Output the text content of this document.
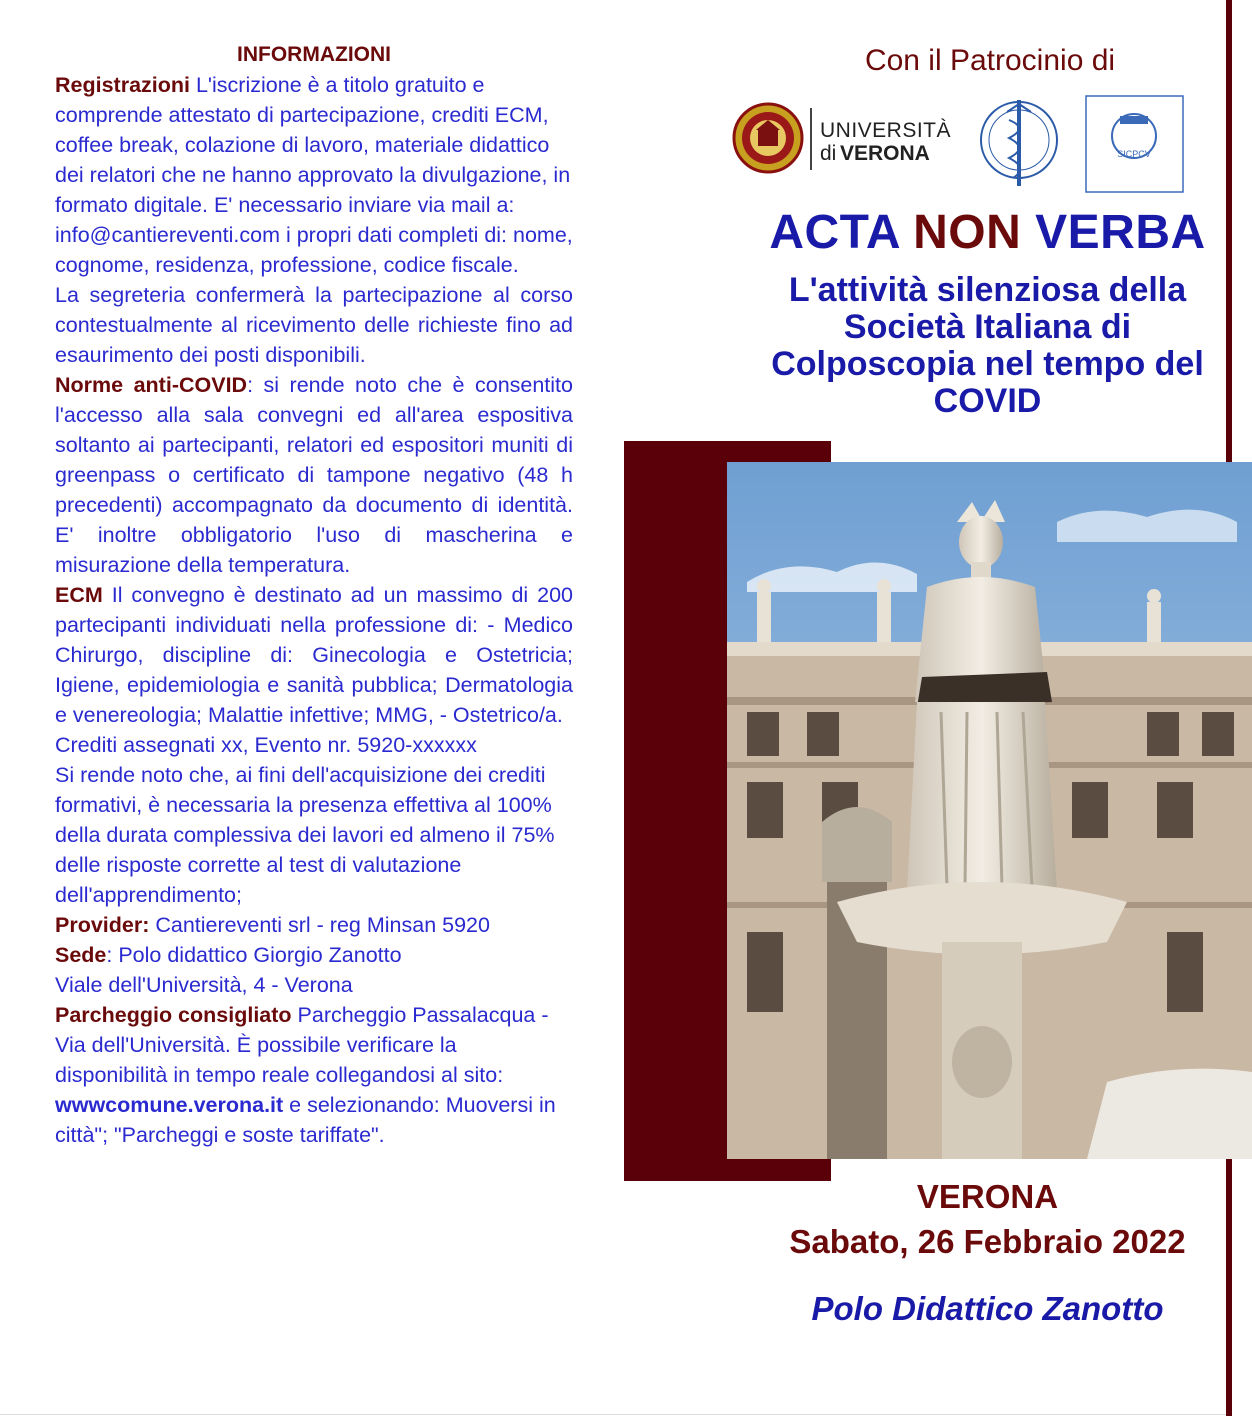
INFORMAZIONI

Registrazioni L'iscrizione è a titolo gratuito e comprende attestato di partecipazione, crediti ECM, coffee break, colazione di lavoro, materiale didattico dei relatori che ne hanno approvato la divulgazione, in formato digitale. E' necessario inviare via mail a: info@cantiereventi.com i propri dati completi di: nome, cognome, residenza, professione, codice fiscale.

La segreteria confermerà la partecipazione al corso contestualmente al ricevimento delle richieste fino ad esaurimento dei posti disponibili.

Norme anti-COVID: si rende noto che è consentito l'accesso alla sala convegni ed all'area espositiva soltanto ai partecipanti, relatori ed espositori muniti di greenpass o certificato di tampone negativo (48 h precedenti) accompagnato da documento di identità. E' inoltre obbligatorio l'uso di mascherina e misurazione della temperatura.

ECM Il convegno è destinato ad un massimo di 200 partecipanti individuati nella professione di: - Medico Chirurgo, discipline di: Ginecologia e Ostetricia; Igiene, epidemiologia e sanità pubblica; Dermatologia e venereologia; Malattie infettive; MMG, - Ostetrico/a.

Crediti assegnati xx, Evento nr. 5920-xxxxxx

Si rende noto che, ai fini dell'acquisizione dei crediti formativi, è necessaria la presenza effettiva al 100% della durata complessiva dei lavori ed almeno il 75% delle risposte corrette al test di valutazione dell'apprendimento;

Provider: Cantiereventi srl - reg Minsan 5920

Sede: Polo didattico Giorgio Zanotto

Viale dell'Università, 4 - Verona

Parcheggio consigliato Parcheggio Passalacqua - Via dell'Università. È possibile verificare la disponibilità in tempo reale collegandosi al sito: wwwcomune.verona.it e selezionando: Muoversi in città"; "Parcheggi e soste tariffate".

Con il Patrocinio di
UNIVERSITÀ
di VERONA	SICPCV
ACTA NON VERBA
L'attività silenziosa della Società Italiana di Colposcopia nel tempo del COVID
VERONA
Sabato, 26 Febbraio 2022
Polo Didattico Zanotto
